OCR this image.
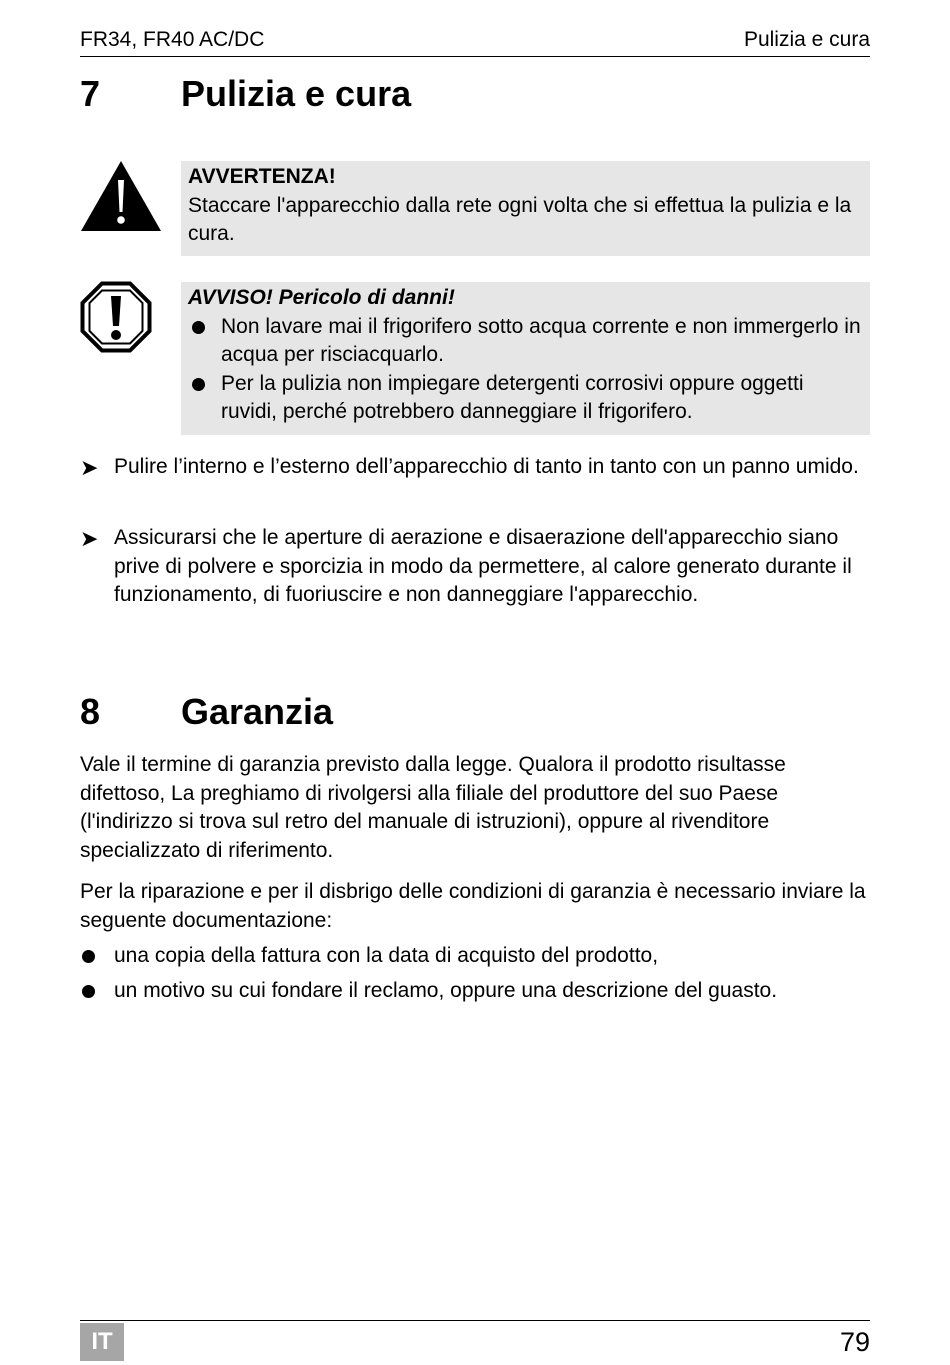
FR34, FR40 AC/DC	Pulizia e cura
7 Pulizia e cura
AVVERTENZA!
Staccare l'apparecchio dalla rete ogni volta che si effettua la pulizia e la cura.
AVVISO! Pericolo di danni!
Non lavare mai il frigorifero sotto acqua corrente e non immergerlo in acqua per risciacquarlo.
Per la pulizia non impiegare detergenti corrosivi oppure oggetti ruvidi, perché potrebbero danneggiare il frigorifero.
➤ Pulire l’interno e l’esterno dell’apparecchio di tanto in tanto con un panno umido.
➤ Assicurarsi che le aperture di aerazione e disaerazione dell'apparecchio siano prive di polvere e sporcizia in modo da permettere, al calore generato durante il funzionamento, di fuoriuscire e non danneggiare l'apparecchio.
8 Garanzia
Vale il termine di garanzia previsto dalla legge. Qualora il prodotto risultasse difettoso, La preghiamo di rivolgersi alla filiale del produttore del suo Paese (l'indirizzo si trova sul retro del manuale di istruzioni), oppure al rivenditore specializzato di riferimento.
Per la riparazione e per il disbrigo delle condizioni di garanzia è necessario inviare la seguente documentazione:
una copia della fattura con la data di acquisto del prodotto,
un motivo su cui fondare il reclamo, oppure una descrizione del guasto.
IT	79
